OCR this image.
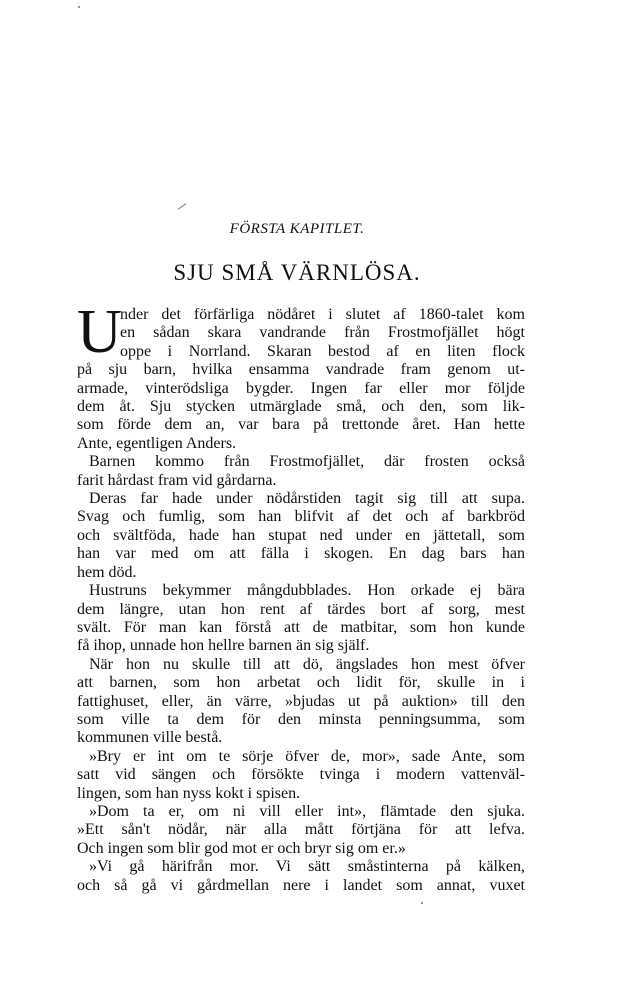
FÖRSTA KAPITLET.
SJU SMÅ VÄRNLÖSA.
U
nder det förfärliga nödåret i slutet af 1860-talet kom
en sådan skara vandrande från Frostmofjället högt
oppe i Norrland. Skaran bestod af en liten flock
på sju barn, hvilka ensamma vandrade fram genom ut-
armade, vinterödsliga bygder. Ingen far eller mor följde
dem åt. Sju stycken utmärglade små, och den, som lik-
som förde dem an, var bara på trettonde året. Han hette
Ante, egentligen Anders.
Barnen kommo från Frostmofjället, där frosten också
farit hårdast fram vid gårdarna.
Deras far hade under nödårstiden tagit sig till att supa.
Svag och fumlig, som han blifvit af det och af barkbröd
och svältföda, hade han stupat ned under en jättetall, som
han var med om att fälla i skogen. En dag bars han
hem död.
Hustruns bekymmer mångdubblades. Hon orkade ej bära
dem längre, utan hon rent af tärdes bort af sorg, mest
svält. För man kan förstå att de matbitar, som hon kunde
få ihop, unnade hon hellre barnen än sig själf.
När hon nu skulle till att dö, ängslades hon mest öfver
att barnen, som hon arbetat och lidit för, skulle in i
fattighuset, eller, än värre, »bjudas ut på auktion» till den
som ville ta dem för den minsta penningsumma, som
kommunen ville bestå.
»Bry er int om te sörje öfver de, mor», sade Ante, som
satt vid sängen och försökte tvinga i modern vattenväl-
lingen, som han nyss kokt i spisen.
»Dom ta er, om ni vill eller int», flämtade den sjuka.
»Ett sån't nödår, när alla mått förtjäna för att lefva.
Och ingen som blir god mot er och bryr sig om er.»
»Vi gå härifrån mor. Vi sätt småstinterna på kälken,
och så gå vi gårdmellan nere i landet som annat, vuxet
